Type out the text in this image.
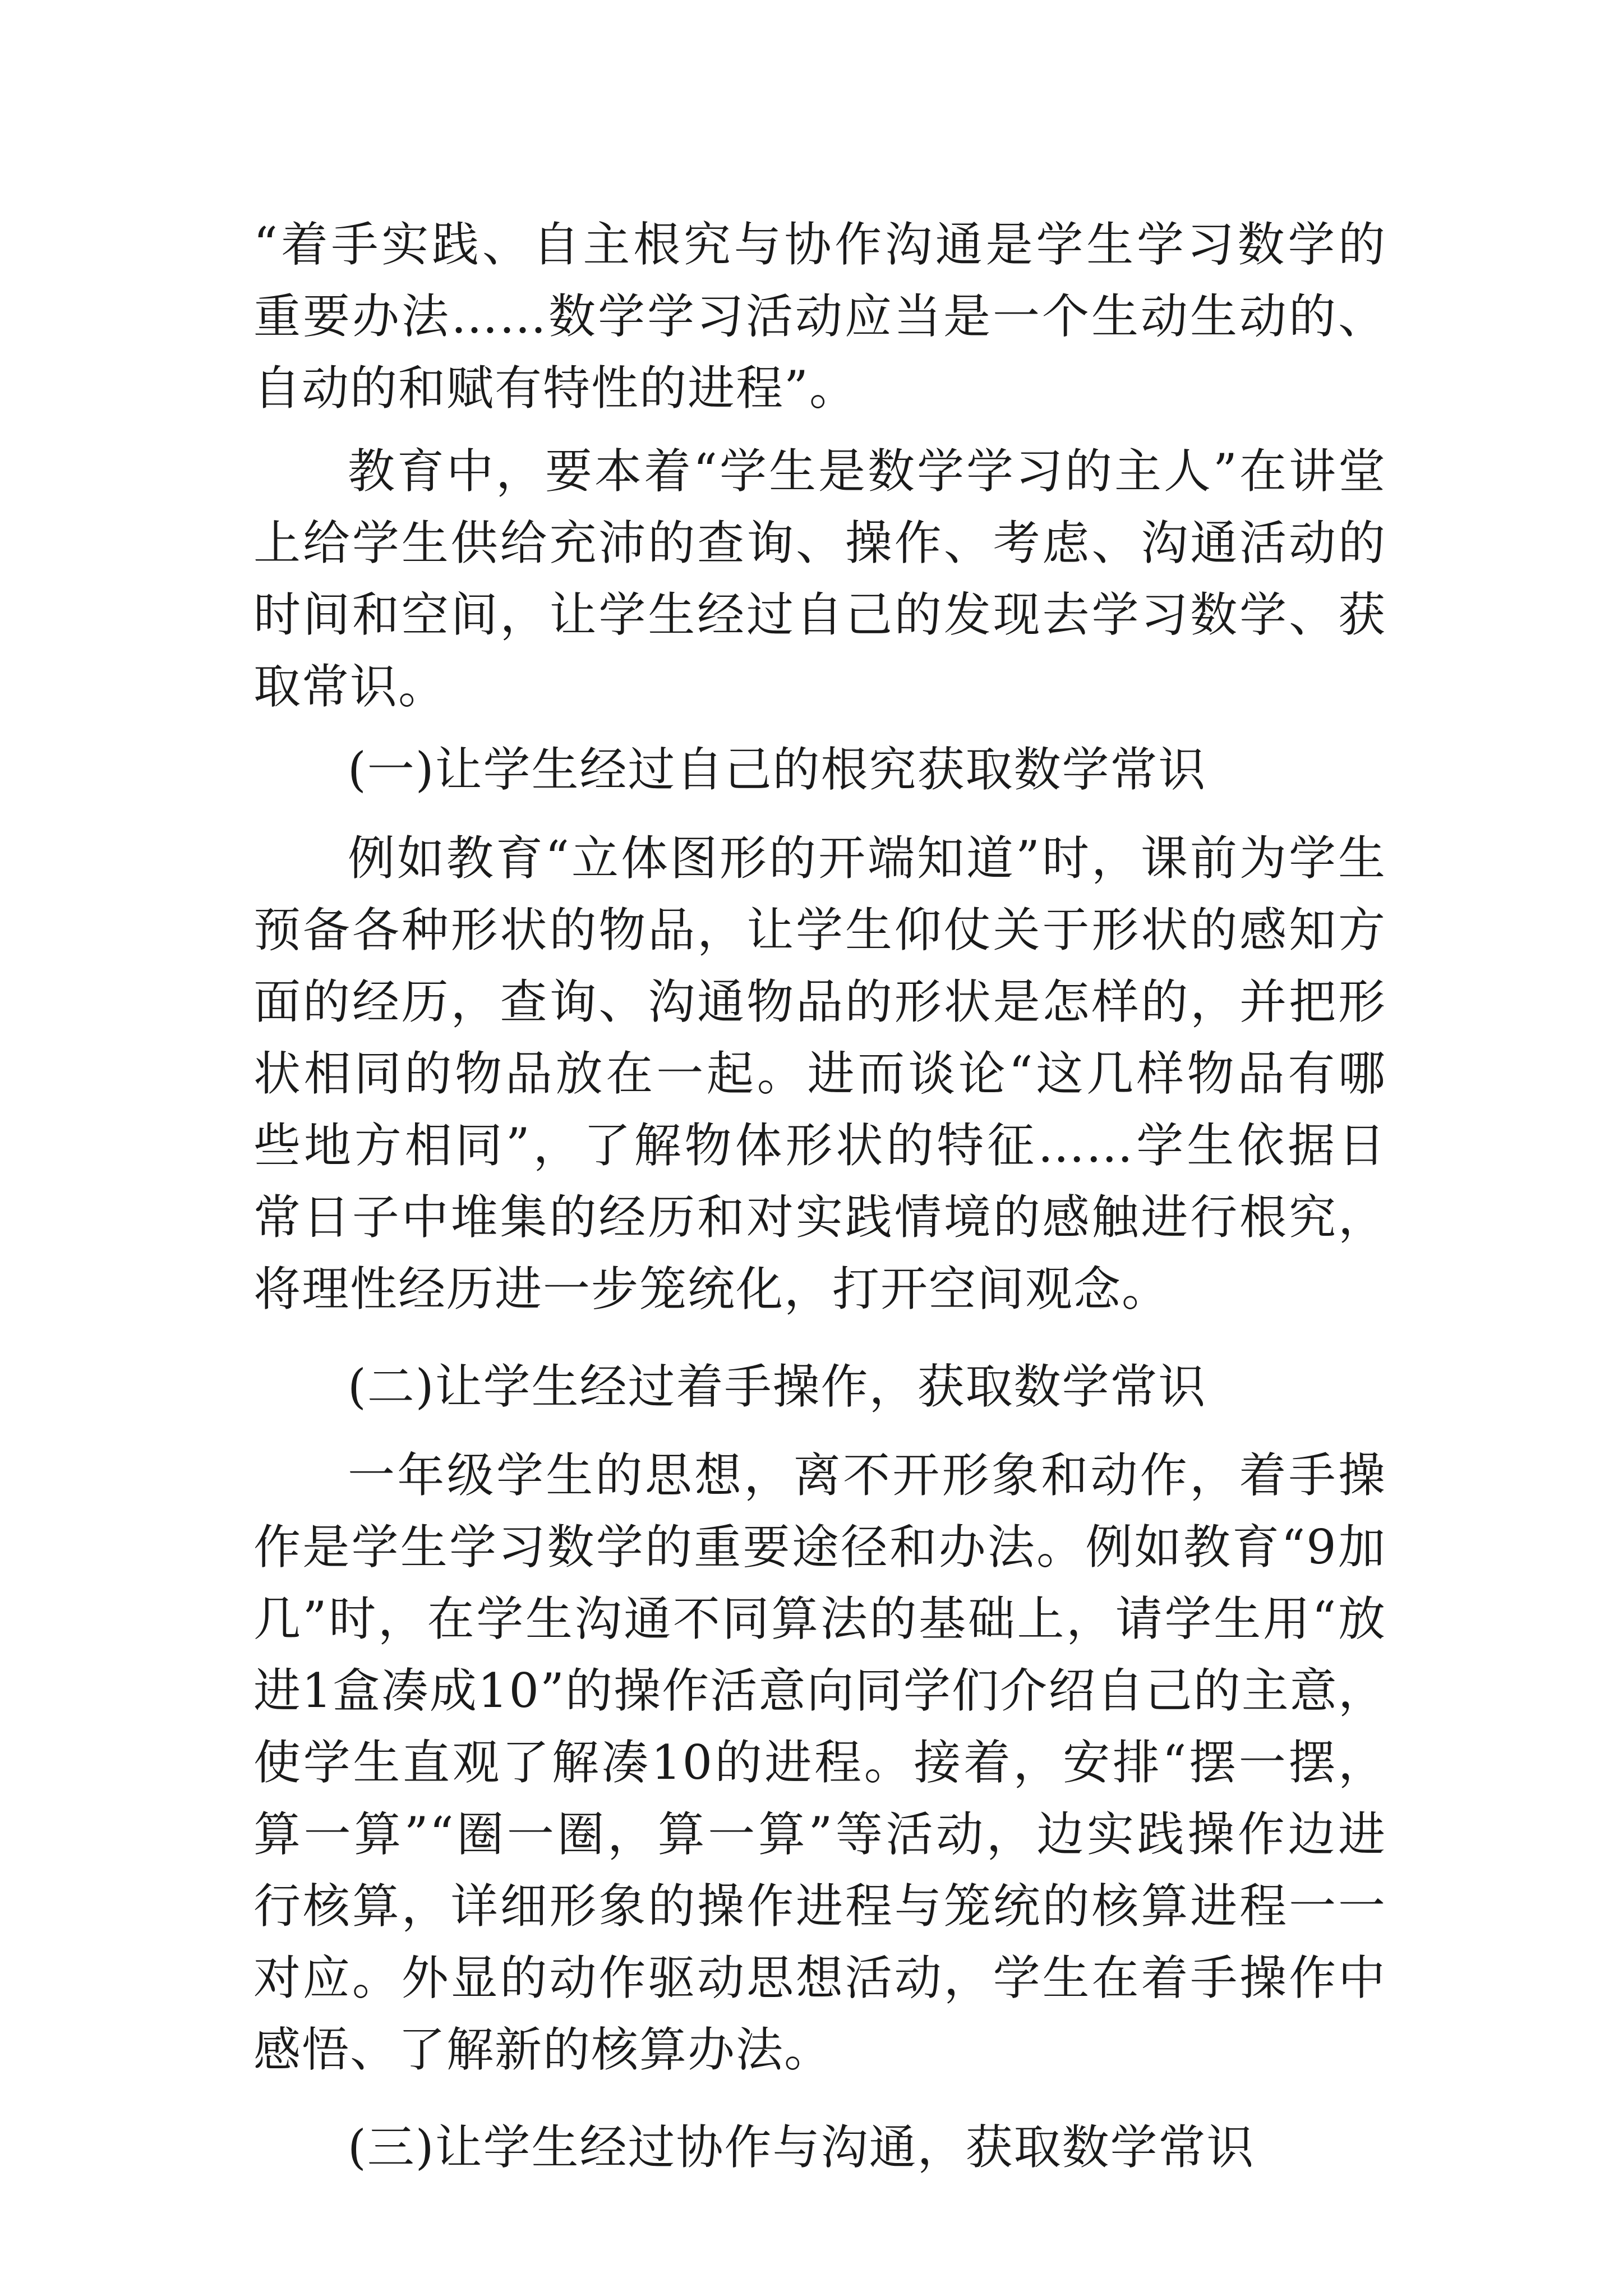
“着手实践、自主根究与协作沟通是学生学习数学的重要办法……数学学习活动应当是一个生动生动的、自动的和赋有特性的进程”。

教育中，要本着“学生是数学学习的主人”在讲堂上给学生供给充沛的查询、操作、考虑、沟通活动的时间和空间，让学生经过自己的发现去学习数学、获取常识。

(一)让学生经过自己的根究获取数学常识

例如教育“立体图形的开端知道”时，课前为学生预备各种形状的物品，让学生仰仗关于形状的感知方面的经历，查询、沟通物品的形状是怎样的，并把形状相同的物品放在一起。进而谈论“这几样物品有哪些地方相同”，了解物体形状的特征……学生依据日常日子中堆集的经历和对实践情境的感触进行根究，将理性经历进一步笼统化，打开空间观念。

(二)让学生经过着手操作，获取数学常识

一年级学生的思想，离不开形象和动作，着手操作是学生学习数学的重要途径和办法。例如教育“9加几”时，在学生沟通不同算法的基础上，请学生用“放进1盒凑成10”的操作活意向同学们介绍自己的主意，使学生直观了解凑10的进程。接着，安排“摆一摆，算一算”“圈一圈，算一算”等活动，边实践操作边进行核算，详细形象的操作进程与笼统的核算进程一一对应。外显的动作驱动思想活动，学生在着手操作中感悟、了解新的核算办法。

(三)让学生经过协作与沟通，获取数学常识
